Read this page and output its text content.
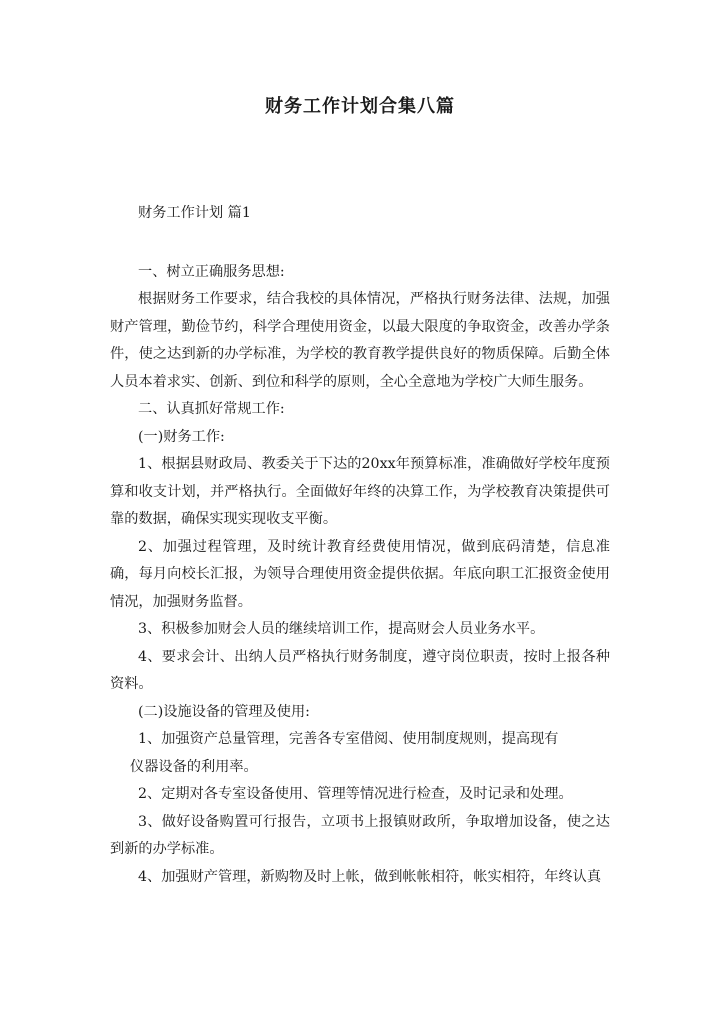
财务工作计划合集八篇

财务工作计划 篇1

一、树立正确服务思想:

根据财务工作要求，结合我校的具体情况，严格执行财务法律、法规，加强财产管理，勤俭节约，科学合理使用资金，以最大限度的争取资金，改善办学条件，使之达到新的办学标准，为学校的教育教学提供良好的物质保障。后勤全体人员本着求实、创新、到位和科学的原则，全心全意地为学校广大师生服务。

二、认真抓好常规工作:

(一)财务工作:

1、根据县财政局、教委关于下达的20xx年预算标准，准确做好学校年度预算和收支计划，并严格执行。全面做好年终的决算工作，为学校教育决策提供可靠的数据，确保实现实现收支平衡。

2、加强过程管理，及时统计教育经费使用情况，做到底码清楚，信息准确，每月向校长汇报，为领导合理使用资金提供依据。年底向职工汇报资金使用情况，加强财务监督。

3、积极参加财会人员的继续培训工作，提高财会人员业务水平。

4、要求会计、出纳人员严格执行财务制度，遵守岗位职责，按时上报各种资料。

(二)设施设备的管理及使用:

1、加强资产总量管理，完善各专室借阅、使用制度规则，提高现有

仪器设备的利用率。

2、定期对各专室设备使用、管理等情况进行检查，及时记录和处理。

3、做好设备购置可行报告，立项书上报镇财政所，争取增加设备，使之达到新的办学标准。

4、加强财产管理，新购物及时上帐，做到帐帐相符，帐实相符，年终认真
